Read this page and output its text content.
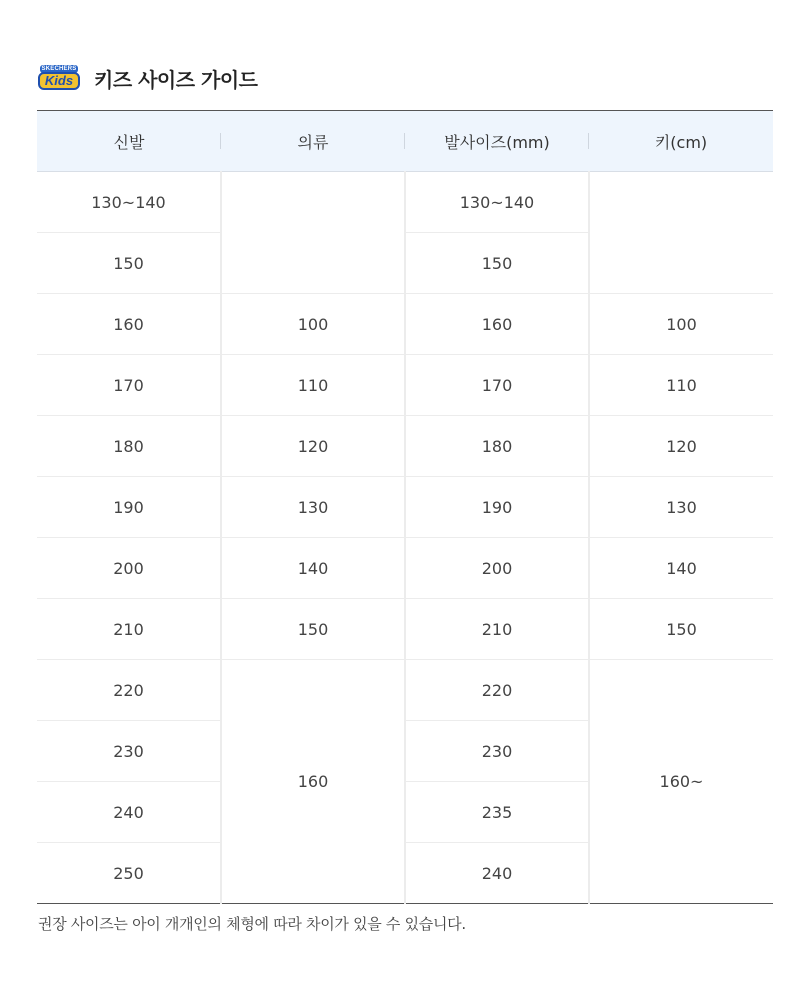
SKECHERS
Kids	키즈 사이즈 가이드
신발	의류	발사이즈(mm)	키(cm)
130~140		130~140	
150		150	
160	100	160	100
170	110	170	110
180	120	180	120
190	130	190	130
200	140	200	140
210	150	210	150
220	160	220	160~
230		230	
240		235	
250		240	
권장 사이즈는 아이 개개인의 체형에 따라 차이가 있을 수 있습니다.
